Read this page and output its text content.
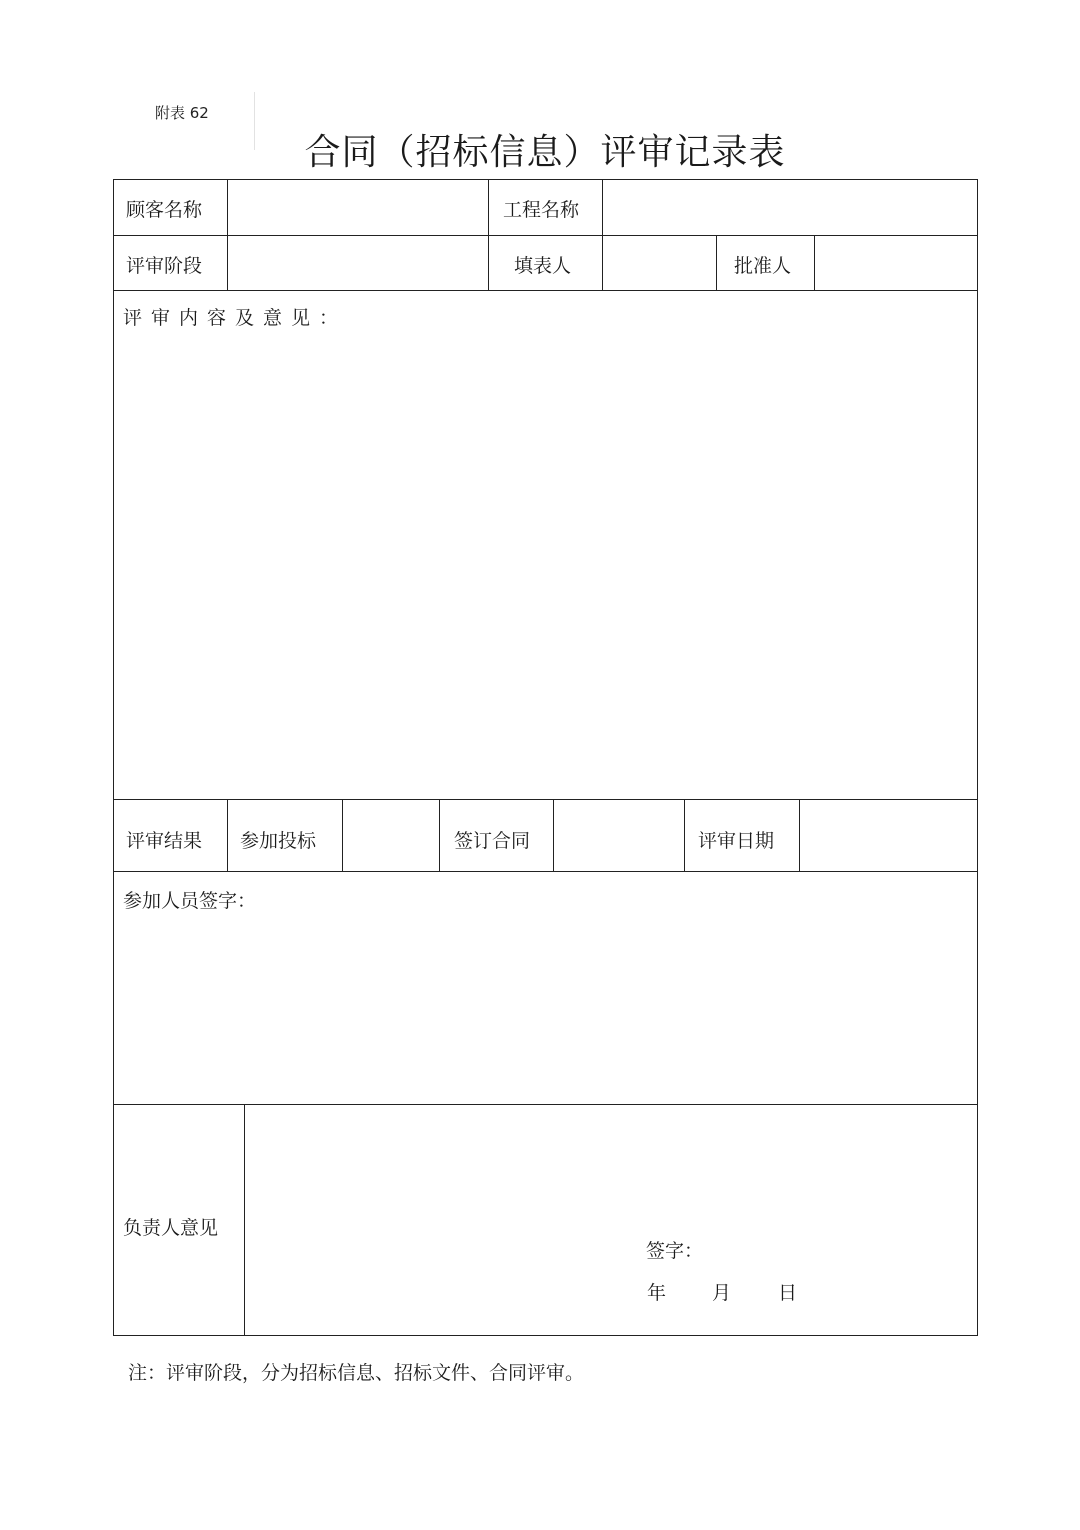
附表 62
合同（招标信息）评审记录表
顾客名称	工程名称
评审阶段	填表人	批准人
评审内容及意见：
评审结果 参加投标	签订合同	评审日期
参加人员签字：
负责人意见
签字：
年 月 日
注：评审阶段，分为招标信息、招标文件、合同评审。
